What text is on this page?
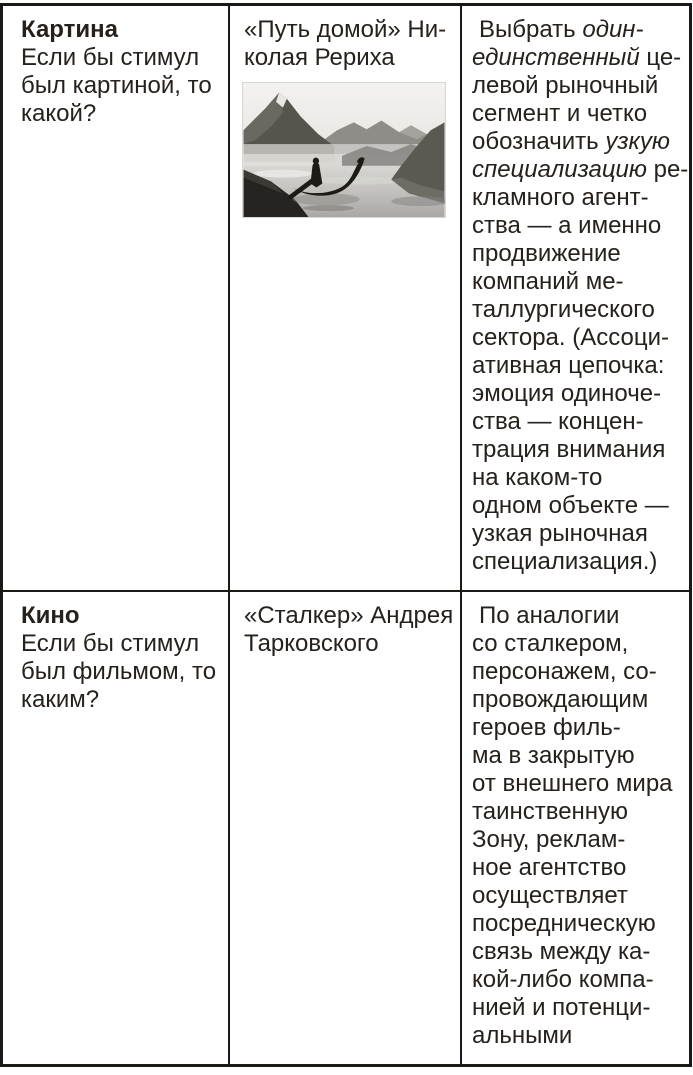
Картина
Если бы стимул
был картиной, то
какой?
«Путь домой» Ни-
колая Рериха
Выбрать один-
единственный це-
левой рыночный
сегмент и четко
обозначить узкую
специализацию ре-
кламного агент-
ства — а именно
продвижение
компаний ме-
таллургического
сектора. (Ассоци-
ативная цепочка:
эмоция одиноче-
ства — концен-
трация внимания
на каком-то
одном объекте —
узкая рыночная
специализация.)
Кино
Если бы стимул
был фильмом, то
каким?
«Сталкер» Андрея
Тарковского
По аналогии
со сталкером,
персонажем, со-
провождающим
героев филь-
ма в закрытую
от внешнего мира
таинственную
Зону, реклам-
ное агентство
осуществляет
посредническую
связь между ка-
кой-либо компа-
нией и потенци-
альными
